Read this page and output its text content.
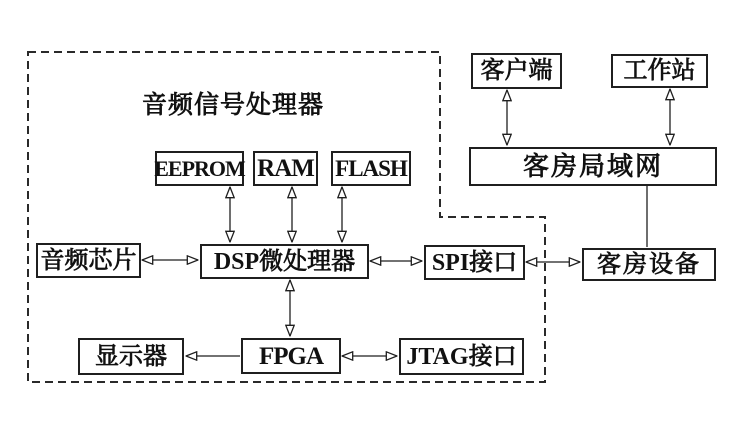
音频信号处理器
EEPROM RAM FLASH
音频芯片	DSP微处理器	SPI接口
显示器	FPGA	JTAG接口
客户端	工作站
客房局域网
客房设备
